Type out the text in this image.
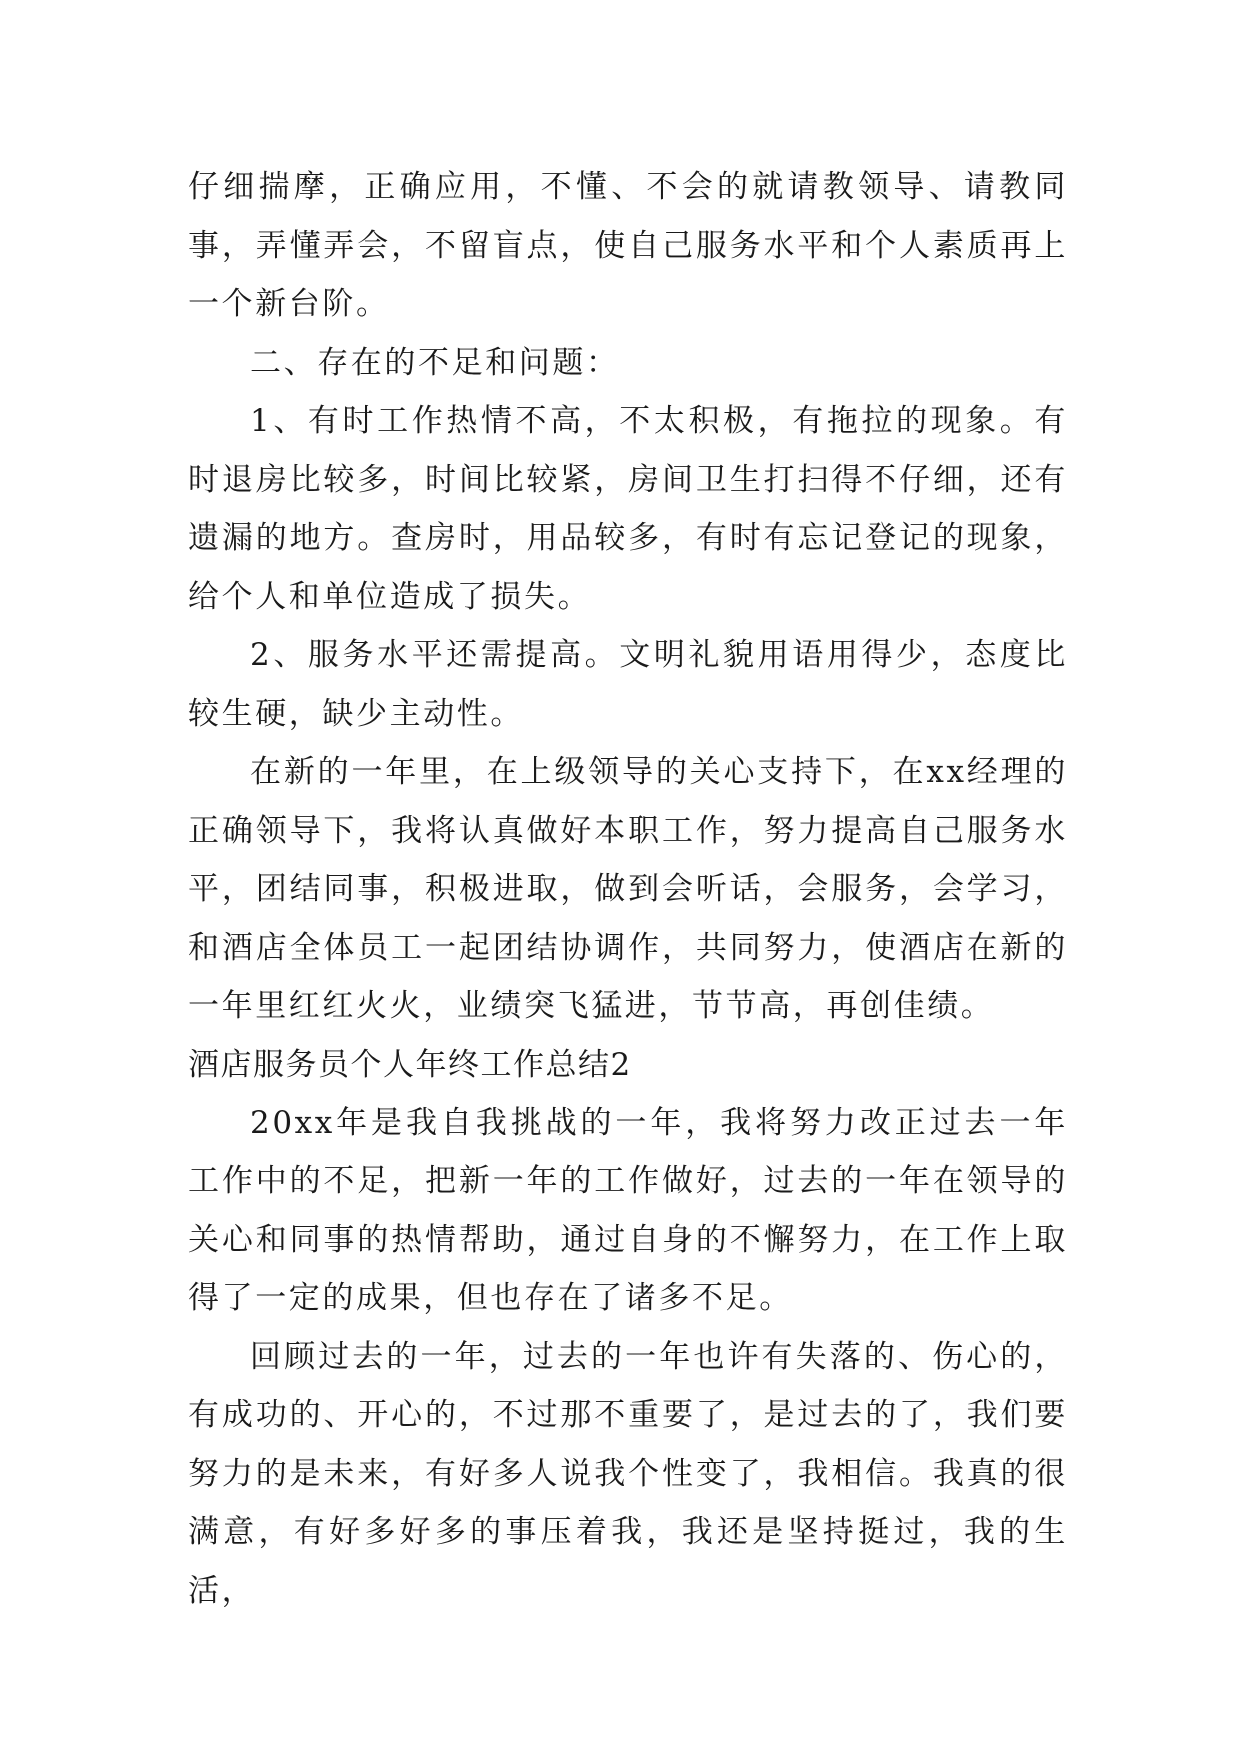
仔细揣摩，正确应用，不懂、不会的就请教领导、请教同事，弄懂弄会，不留盲点，使自己服务水平和个人素质再上一个新台阶。

二、存在的不足和问题：

1、有时工作热情不高，不太积极，有拖拉的现象。有时退房比较多，时间比较紧，房间卫生打扫得不仔细，还有遗漏的地方。查房时，用品较多，有时有忘记登记的现象，给个人和单位造成了损失。

2、服务水平还需提高。文明礼貌用语用得少，态度比较生硬，缺少主动性。

在新的一年里，在上级领导的关心支持下，在xx经理的正确领导下，我将认真做好本职工作，努力提高自己服务水平，团结同事，积极进取，做到会听话，会服务，会学习，和酒店全体员工一起团结协调作，共同努力，使酒店在新的一年里红红火火，业绩突飞猛进，节节高，再创佳绩。

酒店服务员个人年终工作总结2

20xx年是我自我挑战的一年，我将努力改正过去一年工作中的不足，把新一年的工作做好，过去的一年在领导的关心和同事的热情帮助，通过自身的不懈努力，在工作上取得了一定的成果，但也存在了诸多不足。

回顾过去的一年，过去的一年也许有失落的、伤心的，有成功的、开心的，不过那不重要了，是过去的了，我们要努力的是未来，有好多人说我个性变了，我相信。我真的很满意，有好多好多的事压着我，我还是坚持挺过，我的生活，
